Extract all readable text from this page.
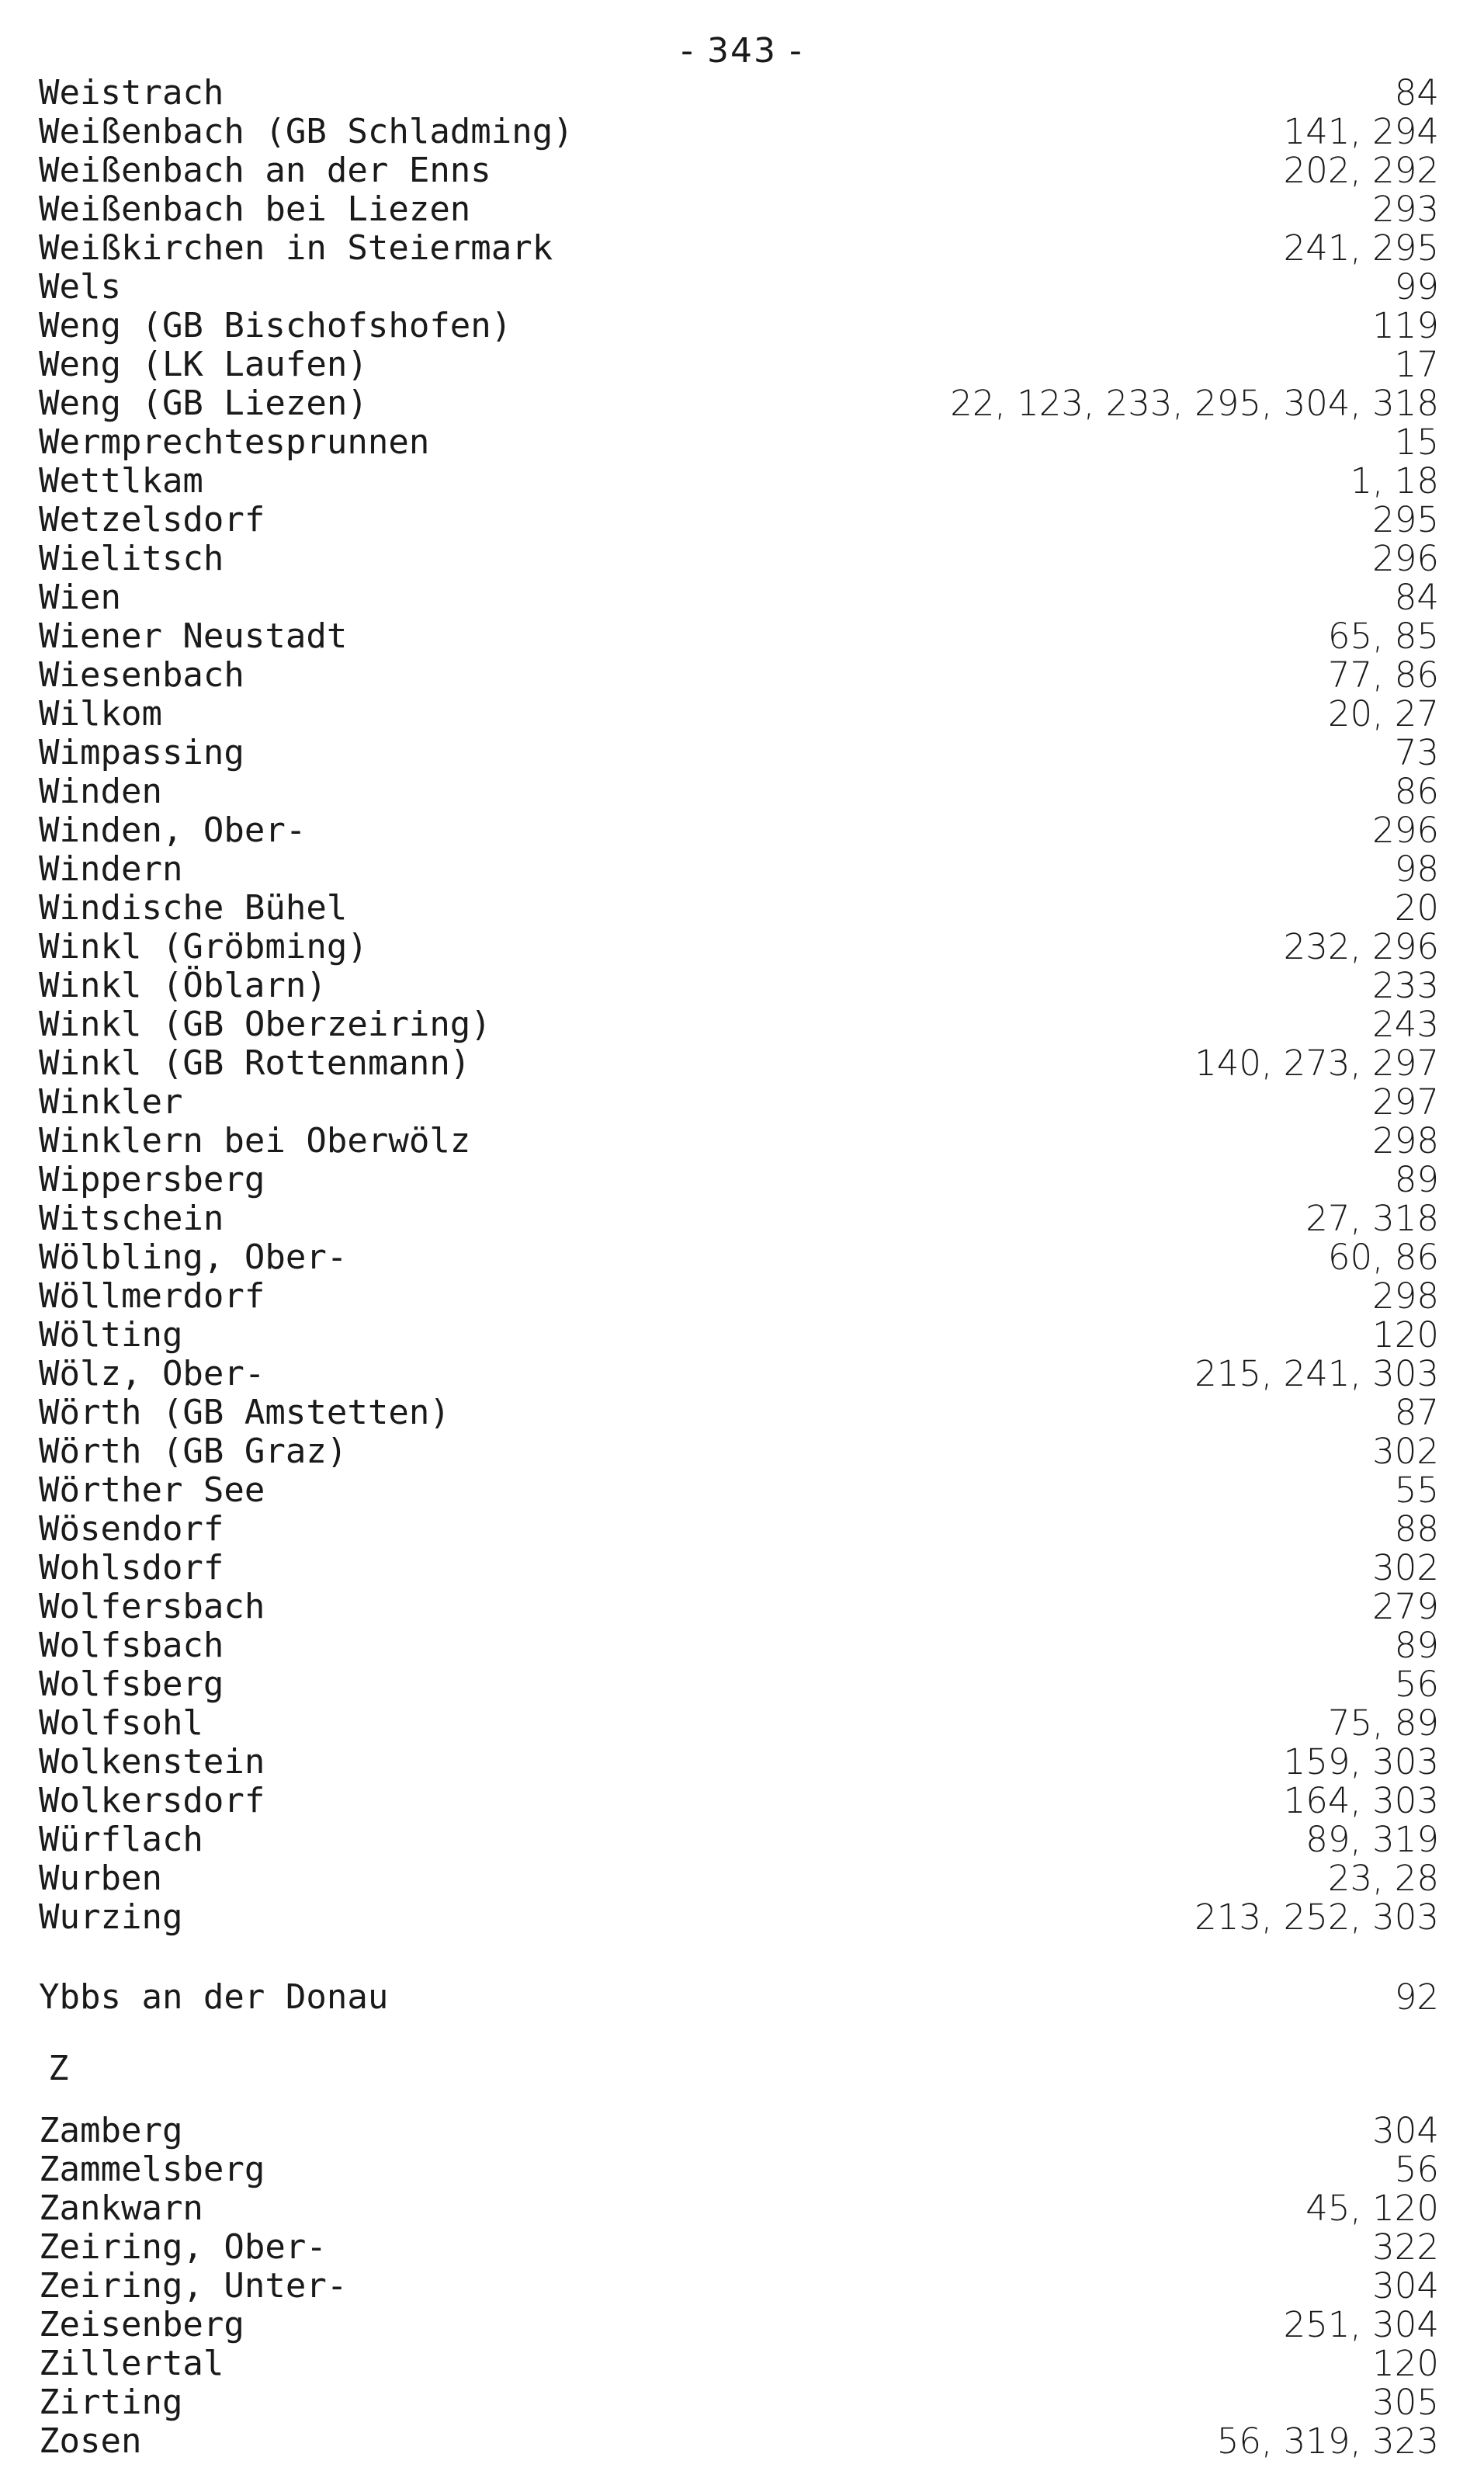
- 343 -
Weistrach	84
Weißenbach (GB Schladming)	141, 294
Weißenbach an der Enns	202, 292
Weißenbach bei Liezen	293
Weißkirchen in Steiermark	241, 295
Wels	99
Weng (GB Bischofshofen)	119
Weng (LK Laufen)	17
Weng (GB Liezen)	22, 123, 233, 295, 304, 318
Wermprechtesprunnen	15
Wettlkam	1, 18
Wetzelsdorf	295
Wielitsch	296
Wien	84
Wiener Neustadt	65, 85
Wiesenbach	77, 86
Wilkom	20, 27
Wimpassing	73
Winden	86
Winden, Ober-	296
Windern	98
Windische Bühel	20
Winkl (Gröbming)	232, 296
Winkl (Öblarn)	233
Winkl (GB Oberzeiring)	243
Winkl (GB Rottenmann)	140, 273, 297
Winkler	297
Winklern bei Oberwölz	298
Wippersberg	89
Witschein	27, 318
Wölbling, Ober-	60, 86
Wöllmerdorf	298
Wölting	120
Wölz, Ober-	215, 241, 303
Wörth (GB Amstetten)	87
Wörth (GB Graz)	302
Wörther See	55
Wösendorf	88
Wohlsdorf	302
Wolfersbach	279
Wolfsbach	89
Wolfsberg	56
Wolfsohl	75, 89
Wolkenstein	159, 303
Wolkersdorf	164, 303
Würflach	89, 319
Wurben	23, 28
Wurzing	213, 252, 303
Ybbs an der Donau	92
Z
Zamberg	304
Zammelsberg	56
Zankwarn	45, 120
Zeiring, Ober-	322
Zeiring, Unter-	304
Zeisenberg	251, 304
Zillertal	120
Zirting	305
Zosen	56, 319, 323
